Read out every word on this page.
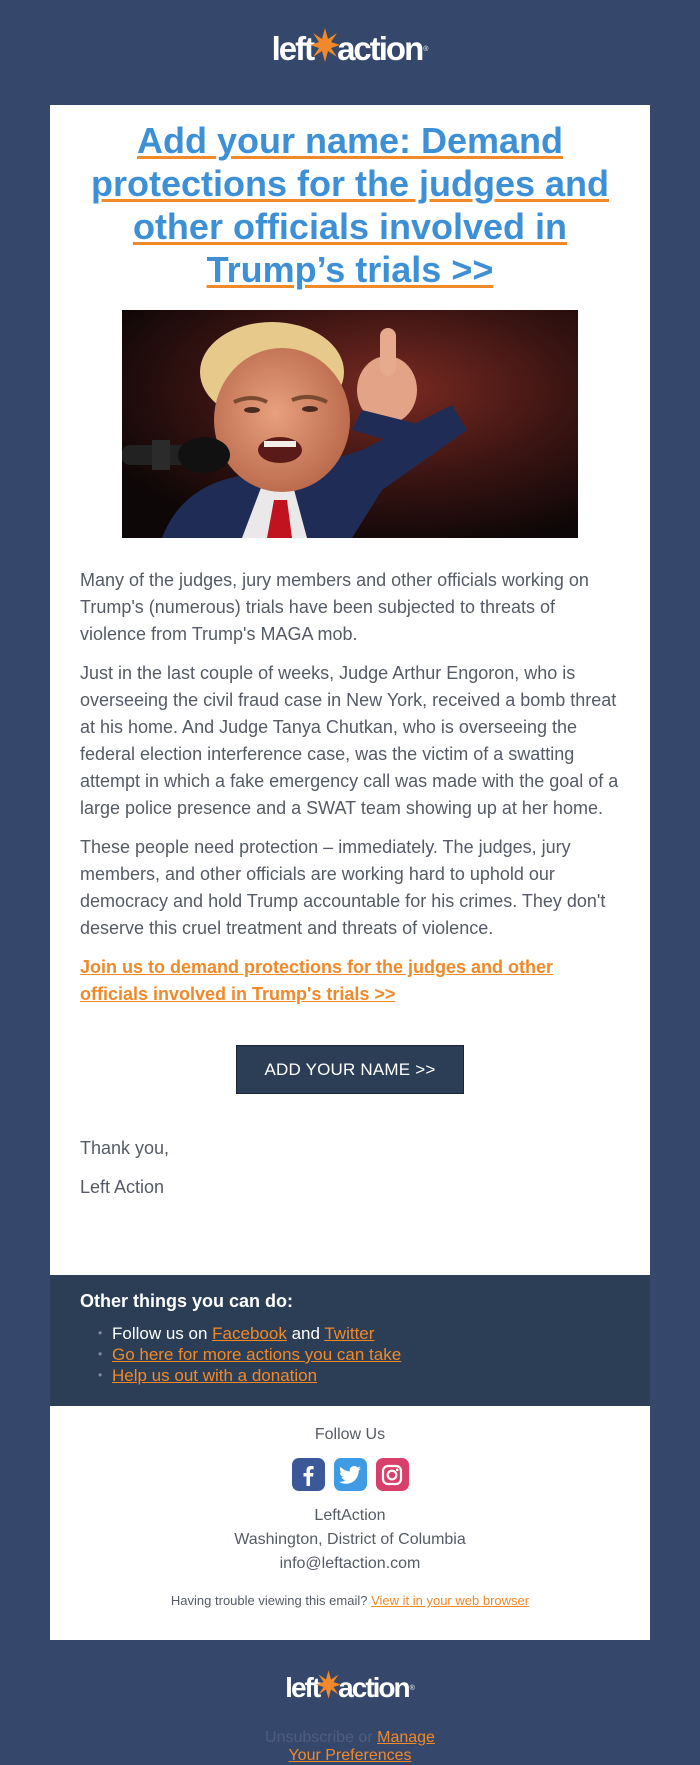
left action ®
Add your name: Demand protections for the judges and other officials involved in Trump’s trials >>
Many of the judges, jury members and other officials working on Trump's (numerous) trials have been subjected to threats of violence from Trump's MAGA mob.
Just in the last couple of weeks, Judge Arthur Engoron, who is overseeing the civil fraud case in New York, received a bomb threat at his home. And Judge Tanya Chutkan, who is overseeing the federal election interference case, was the victim of a swatting attempt in which a fake emergency call was made with the goal of a large police presence and a SWAT team showing up at her home.
These people need protection – immediately. The judges, jury members, and other officials are working hard to uphold our democracy and hold Trump accountable for his crimes. They don't deserve this cruel treatment and threats of violence.
Join us to demand protections for the judges and other officials involved in Trump's trials >>
ADD YOUR NAME >>
Thank you,
Left Action
Other things you can do:
• Follow us on Facebook and Twitter
• Go here for more actions you can take
• Help us out with a donation
Follow Us
LeftAction
Washington, District of Columbia
info@leftaction.com
Having trouble viewing this email? View it in your web browser
left action ®
Unsubscribe or Manage
Your Preferences
